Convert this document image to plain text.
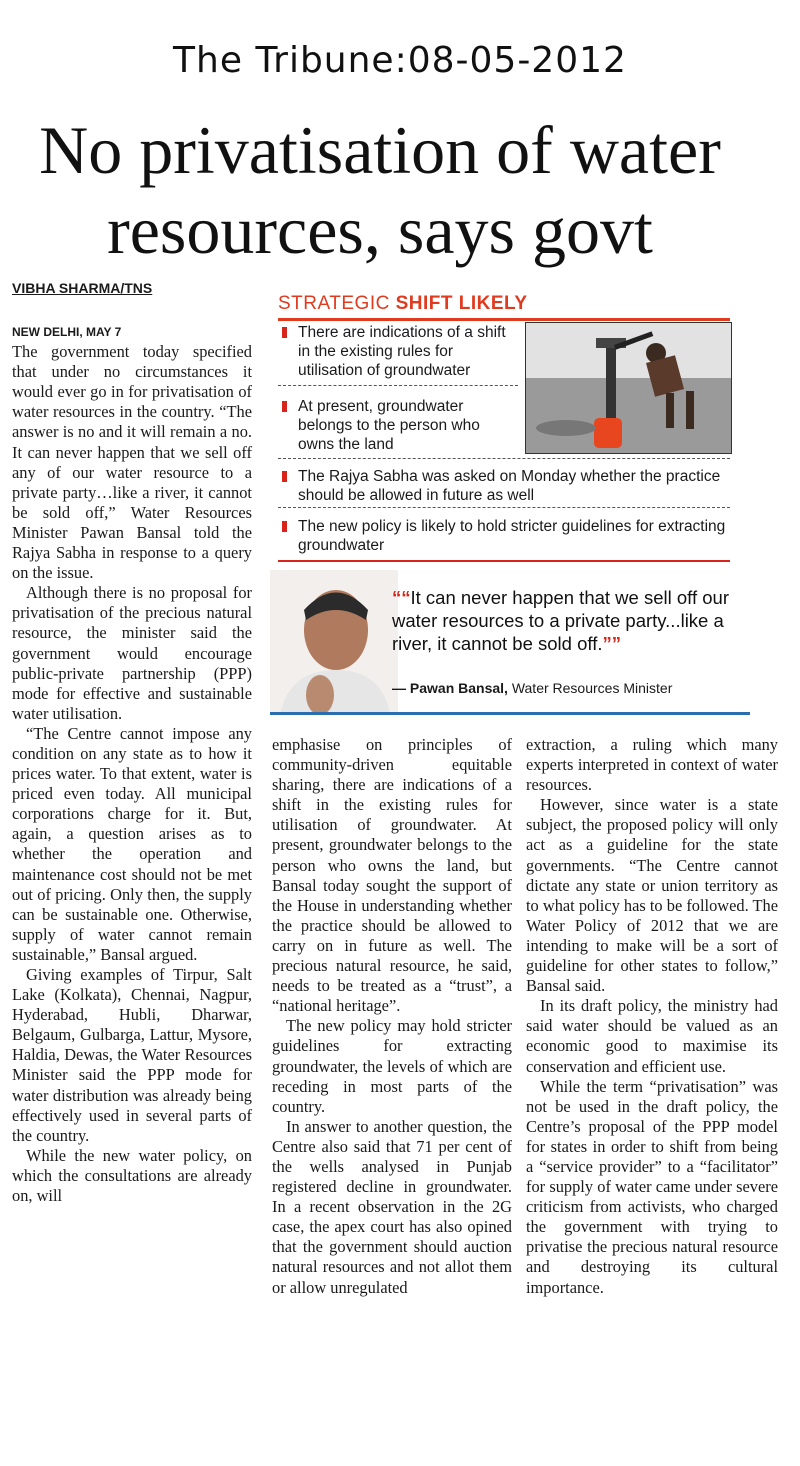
The Tribune:08-05-2012
No privatisation of water
resources, says govt
VIBHA SHARMA/TNS
STRATEGIC SHIFT LIKELY
There are indications of a shift in the existing rules for utilisation of groundwater
At present, groundwater belongs to the person who owns the land
The Rajya Sabha was asked on Monday whether the practice should be allowed in future as well
The new policy is likely to hold stricter guidelines for extracting groundwater
““It can never happen that we sell off our water resources to a private party...like a river, it cannot be sold off.””
— Pawan Bansal, Water Resources Minister
NEW DELHI, MAY 7

The government today specified that under no circumstances it would ever go in for privatisation of water resources in the country. “The answer is no and it will remain a no. It can never happen that we sell off any of our water resource to a private party…like a river, it cannot be sold off,” Water Resources Minister Pawan Bansal told the Rajya Sabha in response to a query on the issue.

Although there is no proposal for privatisation of the precious natural resource, the minister said the government would encourage public-private partnership (PPP) mode for effective and sustainable water utilisation.

“The Centre cannot impose any condition on any state as to how it prices water. To that extent, water is priced even today. All municipal corporations charge for it. But, again, a question arises as to whether the operation and maintenance cost should not be met out of pricing. Only then, the supply can be sustainable one. Otherwise, supply of water cannot remain sustainable,” Bansal argued.

Giving examples of Tirpur, Salt Lake (Kolkata), Chennai, Nagpur, Hyderabad, Hubli, Dharwar, Belgaum, Gulbarga, Lattur, Mysore, Haldia, Dewas, the Water Resources Minister said the PPP mode for water distribution was already being effectively used in several parts of the country.

While the new water policy, on which the consultations are already on, will

emphasise on principles of community-driven equitable sharing, there are indications of a shift in the existing rules for utilisation of groundwater. At present, groundwater belongs to the person who owns the land, but Bansal today sought the support of the House in understanding whether the practice should be allowed to carry on in future as well. The precious natural resource, he said, needs to be treated as a “trust”, a “national heritage”.

The new policy may hold stricter guidelines for extracting groundwater, the levels of which are receding in most parts of the country.

In answer to another question, the Centre also said that 71 per cent of the wells analysed in Punjab registered decline in groundwater. In a recent observation in the 2G case, the apex court has also opined that the government should auction natural resources and not allot them or allow unregulated

extraction, a ruling which many experts interpreted in context of water resources.

However, since water is a state subject, the proposed policy will only act as a guideline for the state governments. “The Centre cannot dictate any state or union territory as to what policy has to be followed. The Water Policy of 2012 that we are intending to make will be a sort of guideline for other states to follow,” Bansal said.

In its draft policy, the ministry had said water should be valued as an economic good to maximise its conservation and efficient use.

While the term “privatisation” was not be used in the draft policy, the Centre’s proposal of the PPP model for states in order to shift from being a “service provider” to a “facilitator” for supply of water came under severe criticism from activists, who charged the government with trying to privatise the precious natural resource and destroying its cultural importance.
